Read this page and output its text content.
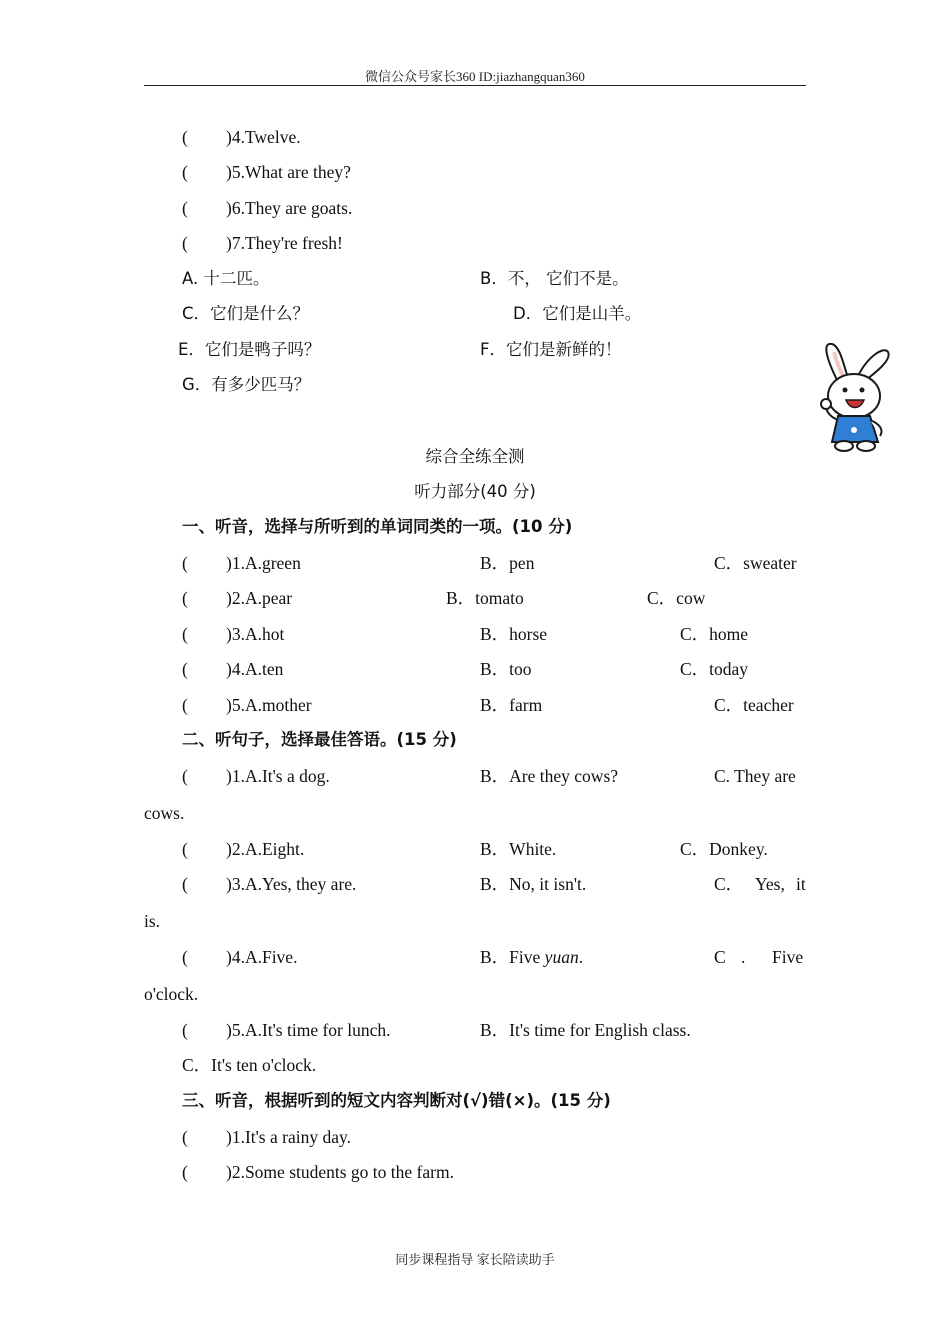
微信公众号家长360 ID:jiazhangquan360
( )4.Twelve.
( )5.What are they?
( )6.They are goats.
( )7.They're fresh!
A. 十二匹。	B．不， 它们不是。
C．它们是什么？	D．它们是山羊。
E．它们是鸭子吗？	F．它们是新鲜的！
G．有多少匹马？
综合全练全测
听力部分(40 分)
一、听音，选择与所听到的单词同类的一项。(10 分)
( )1.A.green	B．pen	C．sweater
( )2.A.pear	B．tomato	C．cow
( )3.A.hot	B．horse	C．home
( )4.A.ten	B．too	C．today
( )5.A.mother	B．farm	C．teacher
二、听句子，选择最佳答语。(15 分)
( )1.A.It's a dog.	B．Are they cows?	C. They are
cows.
( )2.A.Eight.	B．White.	C．Donkey.
( )3.A.Yes, they are.	B．No, it isn't.	C． Yes, it
is.
( )4.A.Five.	B．Five yuan.	C . Five
o'clock.
( )5.A.It's time for lunch.	B．It's time for English class.
C．It's ten o'clock.
三、听音，根据听到的短文内容判断对(√)错(×)。(15 分)
( )1.It's a rainy day.
( )2.Some students go to the farm.
同步课程指导 家长陪读助手
